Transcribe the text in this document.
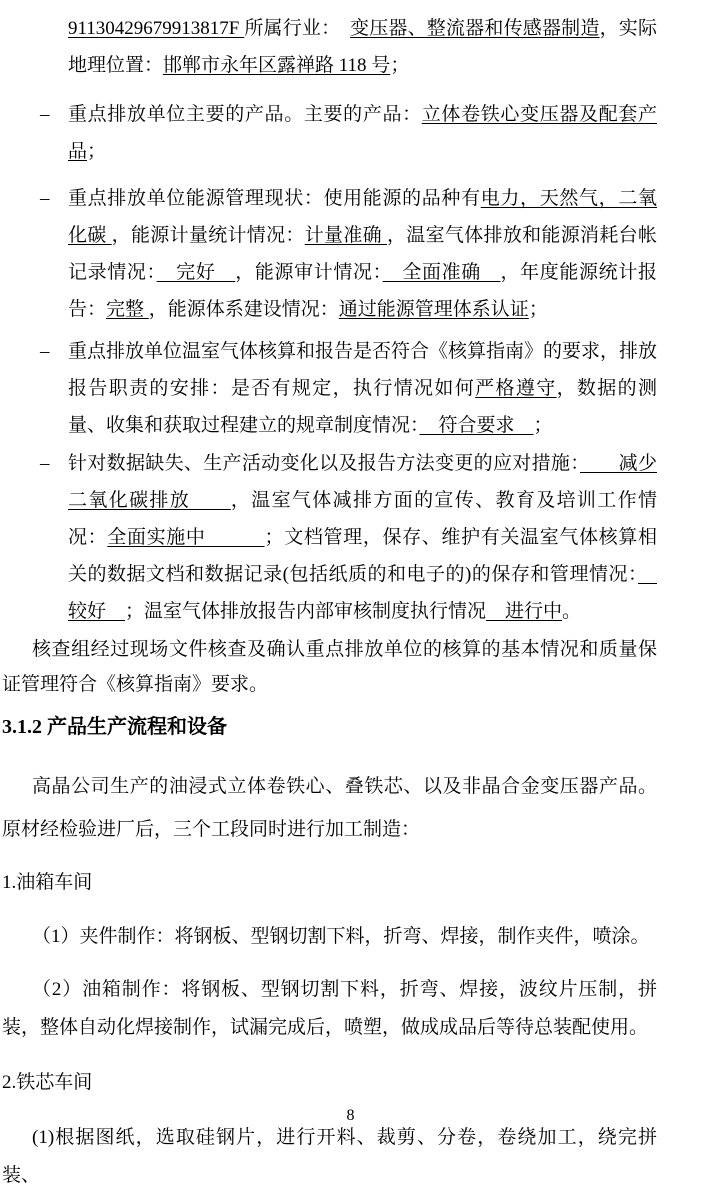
91130429679913817F 所属行业：　变压器、整流器和传感器制造，实际地理位置：邯郸市永年区露禅路 118 号；

– 重点排放单位主要的产品。主要的产品：立体卷铁心变压器及配套产品；
– 重点排放单位能源管理现状：使用能源的品种有电力，天然气，二氧化碳 ，能源计量统计情况：计量准确 ，温室气体排放和能源消耗台帐记录情况：　完好　，能源审计情况：　全面准确　，年度能源统计报告：完整 ，能源体系建设情况：通过能源管理体系认证；
– 重点排放单位温室气体核算和报告是否符合《核算指南》的要求，排放报告职责的安排：是否有规定，执行情况如何严格遵守，数据的测量、收集和获取过程建立的规章制度情况：　符合要求　；
– 针对数据缺失、生产活动变化以及报告方法变更的应对措施：　　减少二氧化碳排放　　，温室气体减排方面的宣传、教育及培训工作情况：全面实施中　　　；文档管理，保存、维护有关温室气体核算相关的数据文档和数据记录(包括纸质的和电子的)的保存和管理情况：　较好　；温室气体排放报告内部审核制度执行情况　进行中。

核查组经过现场文件核查及确认重点排放单位的核算的基本情况和质量保证管理符合《核算指南》要求。

3.1.2 产品生产流程和设备

高晶公司生产的油浸式立体卷铁心、叠铁芯、以及非晶合金变压器产品。原材经检验进厂后，三个工段同时进行加工制造：

1.油箱车间

（1）夹件制作：将钢板、型钢切割下料，折弯、焊接，制作夹件，喷涂。

（2）油箱制作：将钢板、型钢切割下料，折弯、焊接，波纹片压制，拼装，整体自动化焊接制作，试漏完成后，喷塑，做成成品后等待总装配使用。

2.铁芯车间

(1)根据图纸，选取硅钢片，进行开料、裁剪、分卷，卷绕加工，绕完拼装、

8
